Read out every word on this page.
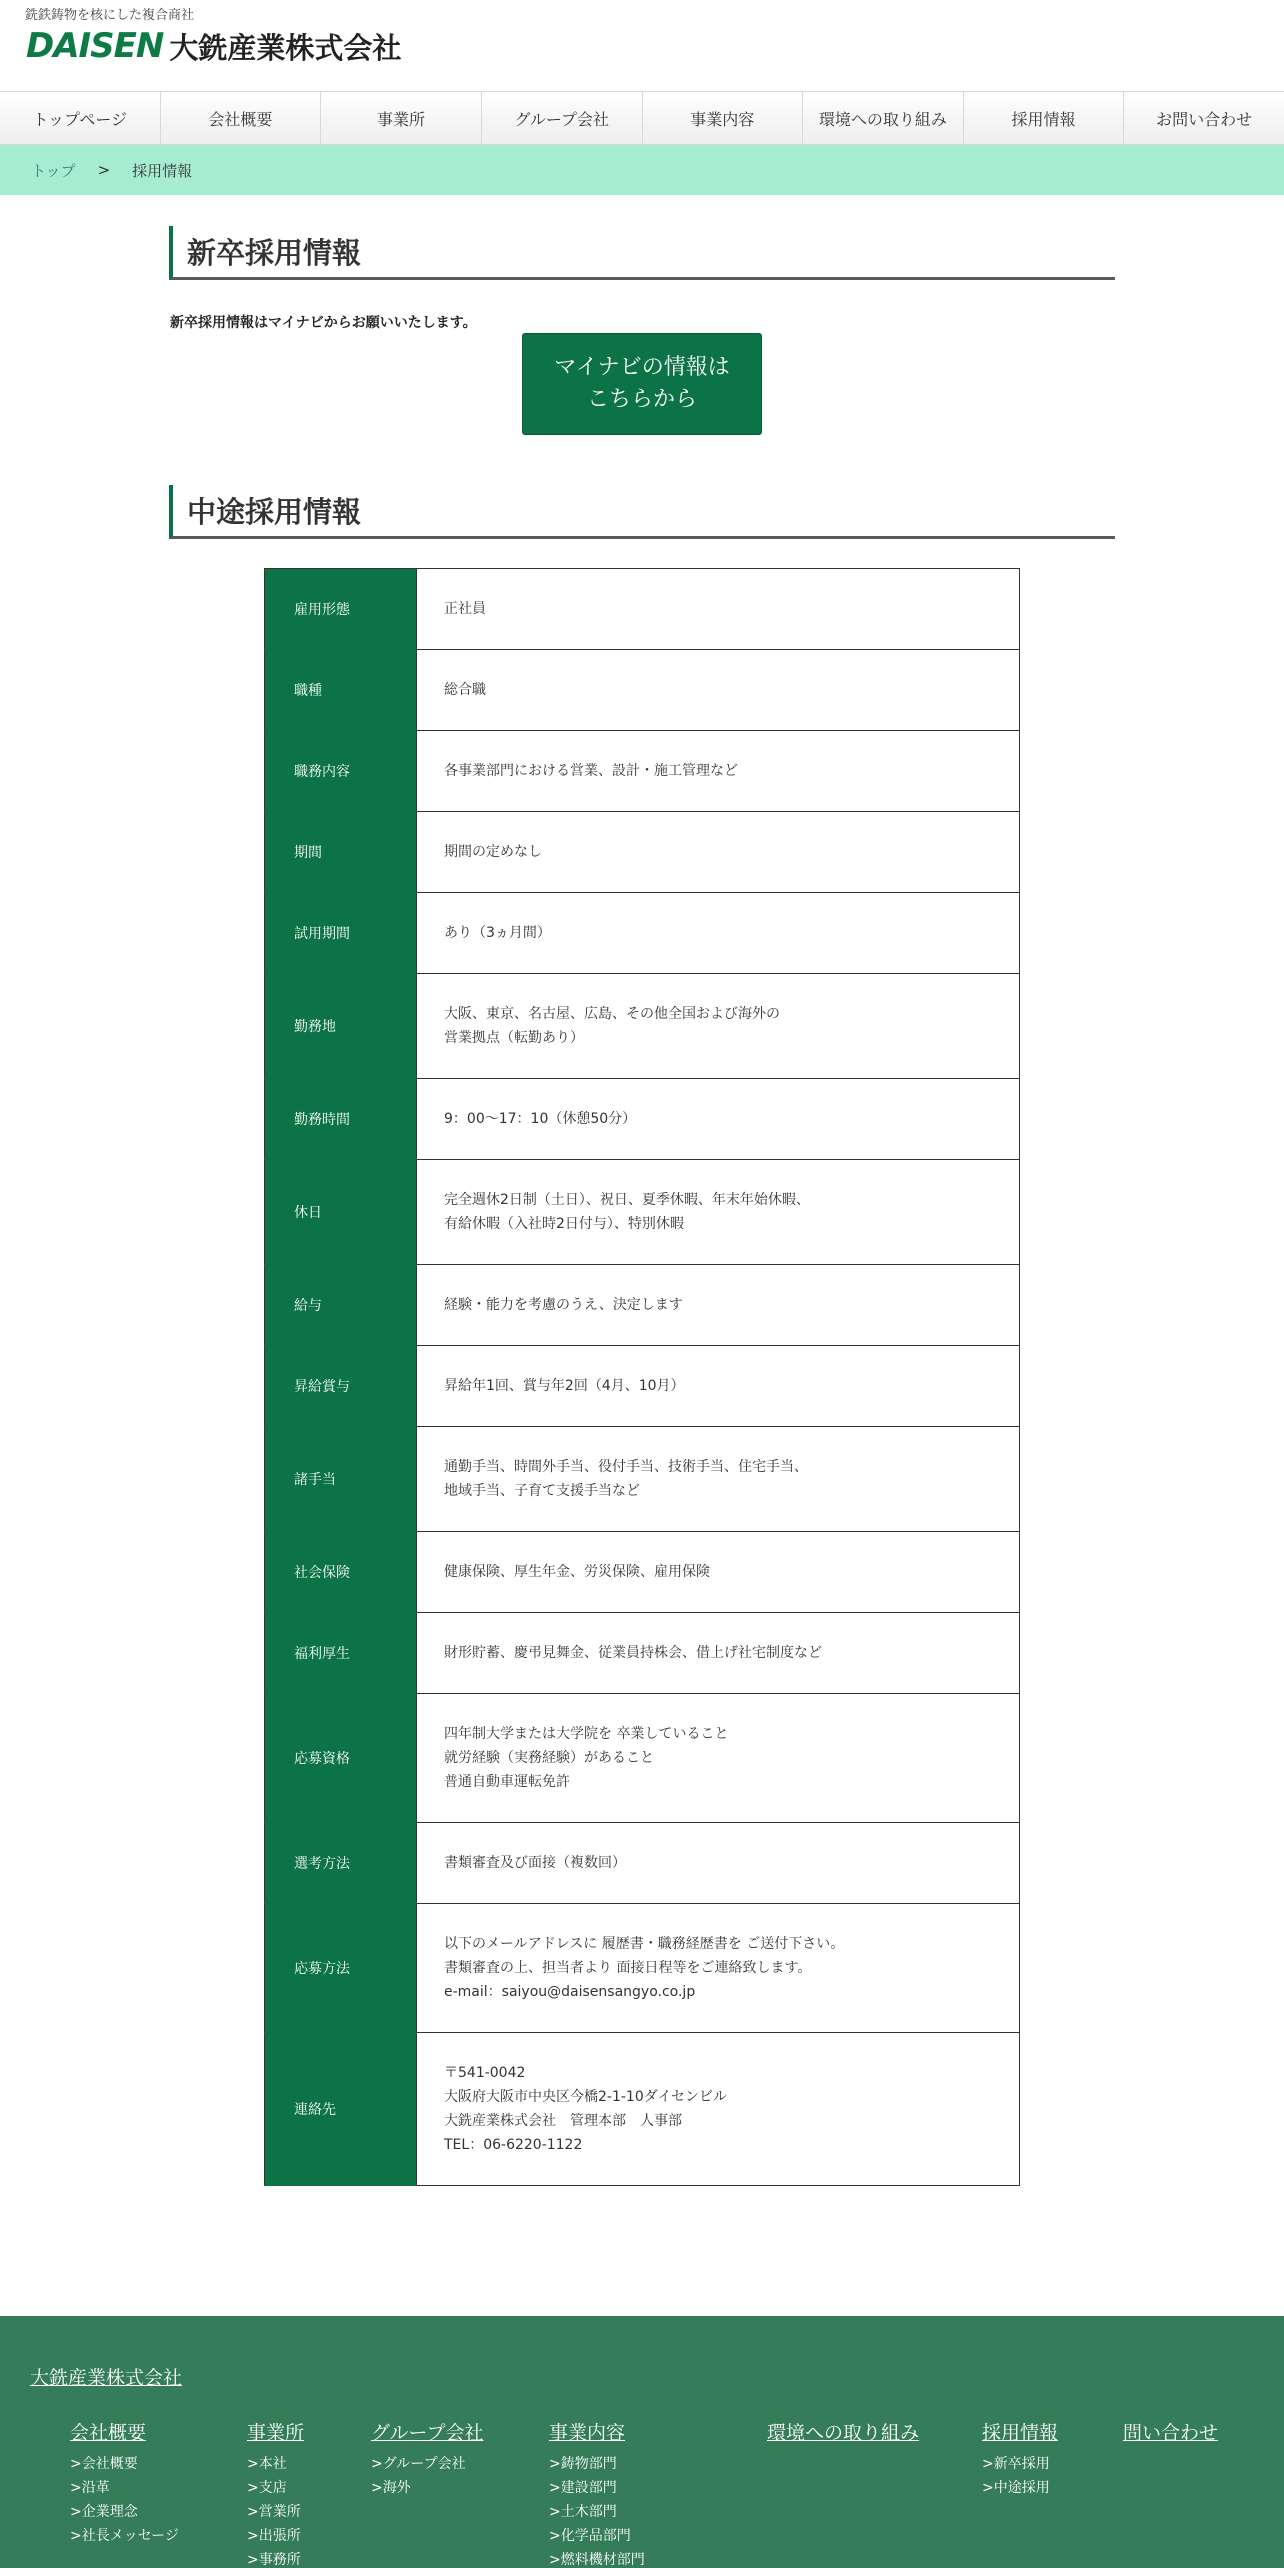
銑鉄鋳物を核にした複合商社
DAISEN 大銑産業株式会社
トップページ	会社概要	事業所	グループ会社	事業内容	環境への取り組み	採用情報	お問い合わせ
トップ > 採用情報
新卒採用情報
新卒採用情報はマイナビからお願いいたします。
マイナビの情報は
こちらから
中途採用情報
雇用形態	正社員
職種	総合職
職務内容	各事業部門における営業、設計・施工管理など
期間	期間の定めなし
試用期間	あり（3ヵ月間）
勤務地	大阪、東京、名古屋、広島、その他全国および海外の
営業拠点（転勤あり）
勤務時間	9：00～17：10（休憩50分）
休日	完全週休2日制（土日）、祝日、夏季休暇、年末年始休暇、
有給休暇（入社時2日付与）、特別休暇
給与	経験・能力を考慮のうえ、決定します
昇給賞与	昇給年1回、賞与年2回（4月、10月）
諸手当	通勤手当、時間外手当、役付手当、技術手当、住宅手当、
地域手当、子育て支援手当など
社会保険	健康保険、厚生年金、労災保険、雇用保険
福利厚生	財形貯蓄、慶弔見舞金、従業員持株会、借上げ社宅制度など
応募資格	四年制大学または大学院を 卒業していること
就労経験（実務経験）があること
普通自動車運転免許
選考方法	書類審査及び面接（複数回）
応募方法	以下のメールアドレスに 履歴書・職務経歴書を ご送付下さい。
書類審査の上、担当者より 面接日程等をご連絡致します。
e-mail：saiyou@daisensangyo.co.jp
連絡先	〒541-0042
大阪府大阪市中央区今橋2-1-10ダイセンビル
大銑産業株式会社　管理本部　人事部
TEL：06-6220-1122
大銑産業株式会社
会社概要
>会社概要
>沿革
>企業理念
>社長メッセージ
事業所
>本社
>支店
>営業所
>出張所
>事務所
グループ会社
>グループ会社
>海外
事業内容
>鋳物部門
>建設部門
>土木部門
>化学品部門
>燃料機材部門
環境への取り組み	採用情報
>新卒採用
>中途採用
問い合わせ
